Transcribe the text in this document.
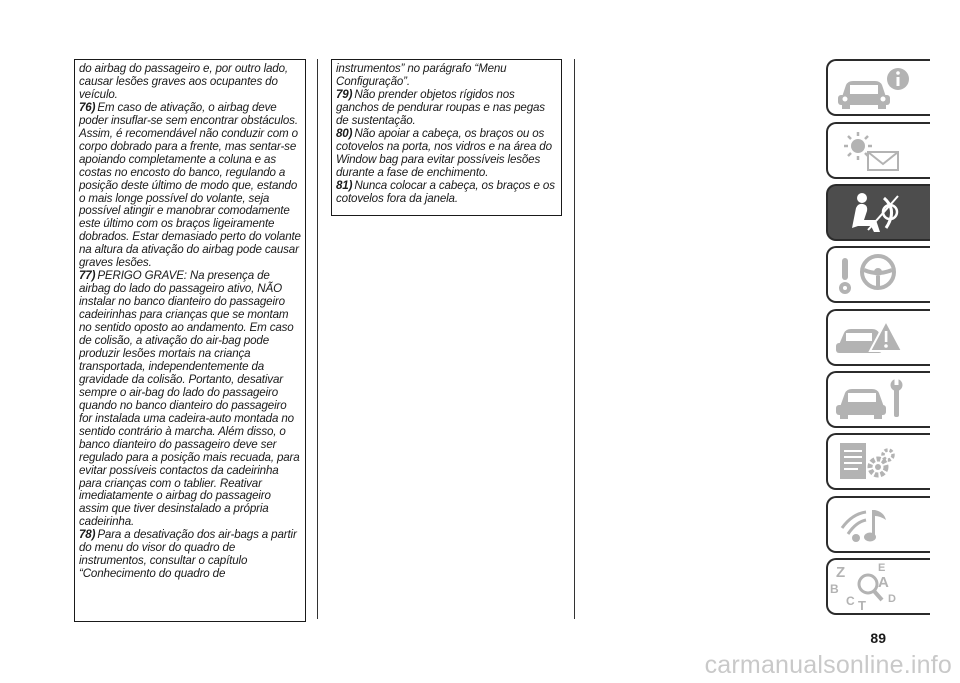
do airbag do passageiro e, por outro lado, causar lesões graves aos ocupantes do veículo.

76) Em caso de ativação, o airbag deve poder insuflar-se sem encontrar obstáculos. Assim, é recomendável não conduzir com o corpo dobrado para a frente, mas sentar-se apoiando completamente a coluna e as costas no encosto do banco, regulando a posição deste último de modo que, estando o mais longe possível do volante, seja possível atingir e manobrar comodamente este último com os braços ligeiramente dobrados. Estar demasiado perto do volante na altura da ativação do airbag pode causar graves lesões.

77) PERIGO GRAVE: Na presença de airbag do lado do passageiro ativo, NÃO instalar no banco dianteiro do passageiro cadeirinhas para crianças que se montam no sentido oposto ao andamento. Em caso de colisão, a ativação do air-bag pode produzir lesões mortais na criança transportada, independentemente da gravidade da colisão. Portanto, desativar sempre o air-bag do lado do passageiro quando no banco dianteiro do passageiro for instalada uma cadeira-auto montada no sentido contrário à marcha. Além disso, o banco dianteiro do passageiro deve ser regulado para a posição mais recuada, para evitar possíveis contactos da cadeirinha para crianças com o tablier. Reativar imediatamente o airbag do passageiro assim que tiver desinstalado a própria cadeirinha.

78) Para a desativação dos air-bags a partir do menu do visor do quadro de instrumentos, consultar o capítulo “Conhecimento do quadro de

instrumentos” no parágrafo “Menu Configuração”.

79) Não prender objetos rígidos nos ganchos de pendurar roupas e nas pegas de sustentação.

80) Não apoiar a cabeça, os braços ou os cotovelos na porta, nos vidros e na área do Window bag para evitar possíveis lesões durante a fase de enchimento.

81) Nunca colocar a cabeça, os braços e os cotovelos fora da janela.

Z	E
A
B
C T D
89
carmanualsonline.info
